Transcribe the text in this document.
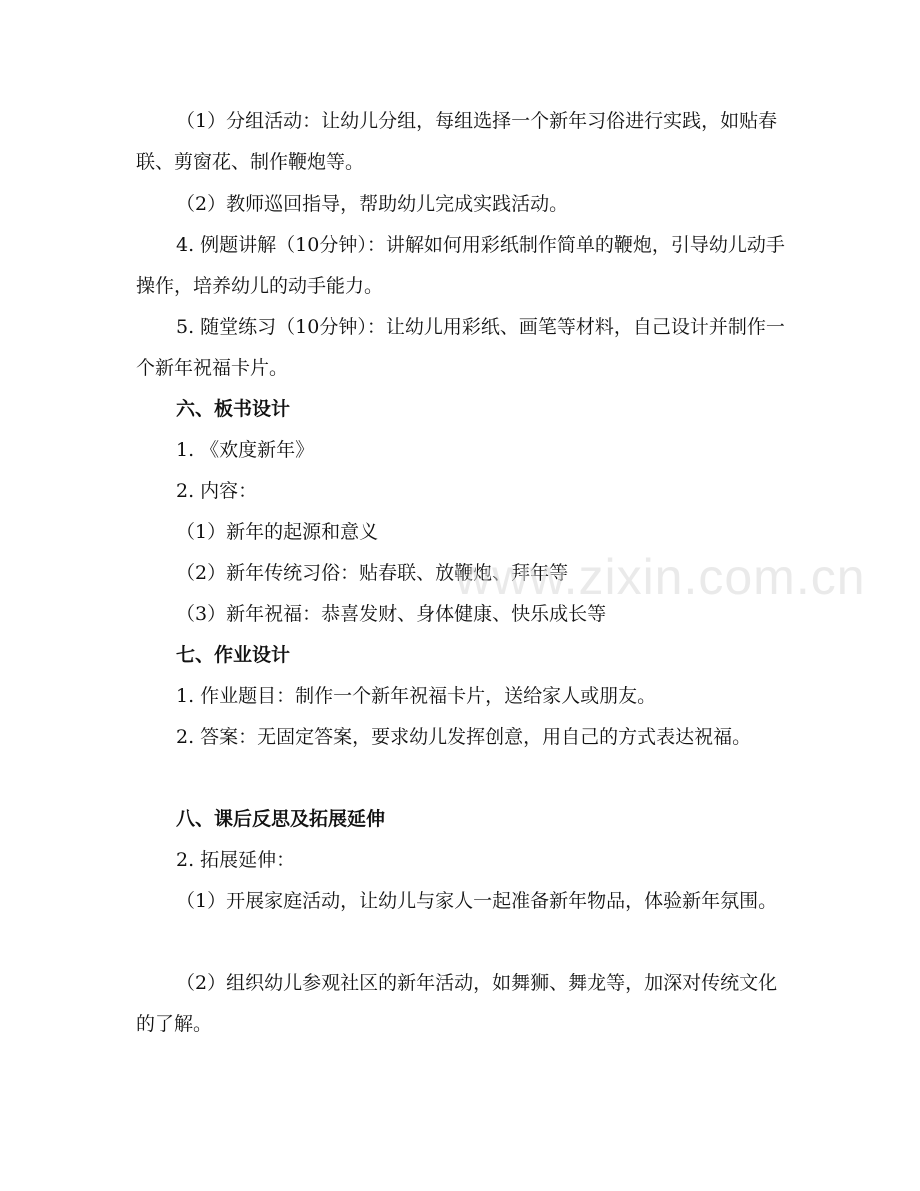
（1）分组活动：让幼儿分组，每组选择一个新年习俗进行实践，如贴春联、剪窗花、制作鞭炮等。

（2）教师巡回指导，帮助幼儿完成实践活动。

4. 例题讲解（10分钟）：讲解如何用彩纸制作简单的鞭炮，引导幼儿动手操作，培养幼儿的动手能力。

5. 随堂练习（10分钟）：让幼儿用彩纸、画笔等材料，自己设计并制作一个新年祝福卡片。

六、板书设计

1. 《欢度新年》

2. 内容：

（1）新年的起源和意义

（2）新年传统习俗：贴春联、放鞭炮、拜年等

（3）新年祝福：恭喜发财、身体健康、快乐成长等

七、作业设计

1. 作业题目：制作一个新年祝福卡片，送给家人或朋友。

2. 答案：无固定答案，要求幼儿发挥创意，用自己的方式表达祝福。

八、课后反思及拓展延伸

2. 拓展延伸：

（1）开展家庭活动，让幼儿与家人一起准备新年物品，体验新年氛围。

（2）组织幼儿参观社区的新年活动，如舞狮、舞龙等，加深对传统文化的了解。

www.zixin.com.cn
